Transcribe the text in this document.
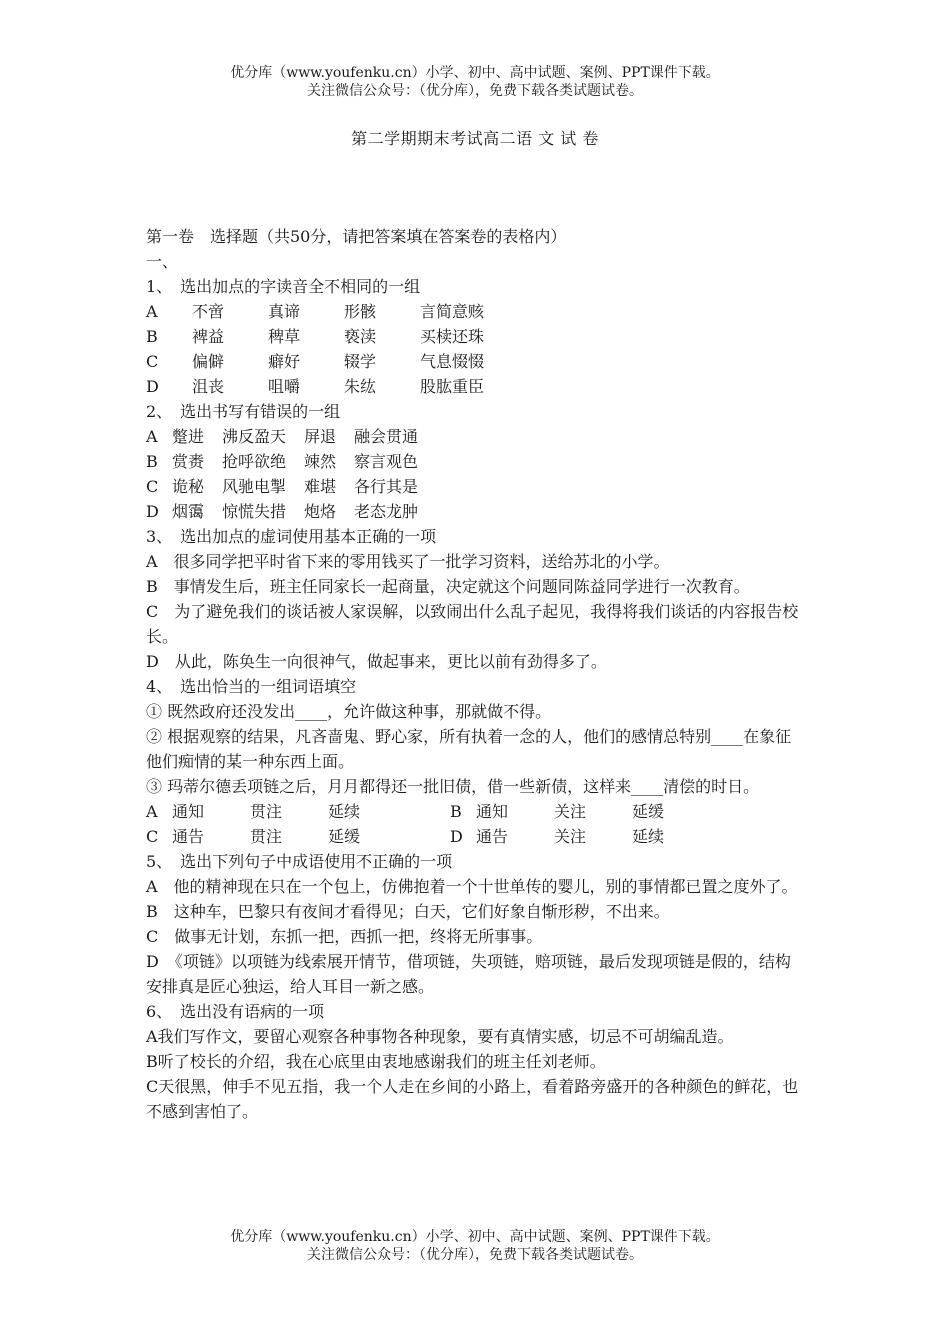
优分库（www.youfenku.cn）小学、初中、高中试题、案例、PPT课件下载。
关注微信公众号：（优分库），免费下载各类试题试卷。
第二学期期末考试高二语 文 试 卷
第一卷　选择题（共50分，请把答案填在答案卷的表格内）
一、
1、　选出加点的字读音全不相同的一组
A	不啻	真谛	形骸	言简意赅
B	裨益	稗草	亵渎	买椟还珠
C	偏僻	癖好	辍学	气息惙惙
D	沮丧	咀嚼	朱纮	股肱重臣
2、　选出书写有错误的一组
A 蹩进 沸反盈天 屏退 融会贯通
B 赏赉 抢呼欲绝 竦然 察言观色
C 诡秘 风驰电掣 难堪 各行其是
D 烟霭 惊慌失措 炮烙 老态龙肿
3、　选出加点的虚词使用基本正确的一项
A　很多同学把平时省下来的零用钱买了一批学习资料，送给苏北的小学。
B　事情发生后，班主任同家长一起商量，决定就这个问题同陈益同学进行一次教育。
C　为了避免我们的谈话被人家误解，以致闹出什么乱子起见，我得将我们谈话的内容报告校长。
D　从此，陈奂生一向很神气，做起事来，更比以前有劲得多了。
4、　选出恰当的一组词语填空
① 既然政府还没发出____，允许做这种事，那就做不得。
② 根据观察的结果，凡吝啬鬼、野心家，所有执着一念的人，他们的感情总特别____在象征他们痴情的某一种东西上面。
③ 玛蒂尔德丢项链之后，月月都得还一批旧债，借一些新债，这样来____清偿的时日。
A 通知	贯注	延续	B 通知	关注	延缓
C 通告	贯注	延缓	D 通告	关注	延续
5、　选出下列句子中成语使用不正确的一项
A　他的精神现在只在一个包上，仿佛抱着一个十世单传的婴儿，别的事情都已置之度外了。
B　这种车，巴黎只有夜间才看得见；白天，它们好象自惭形秽，不出来。
C　做事无计划，东抓一把，西抓一把，终将无所事事。
D　《项链》以项链为线索展开情节，借项链，失项链，赔项链，最后发现项链是假的，结构安排真是匠心独运，给人耳目一新之感。
6、　选出没有语病的一项
A我们写作文，要留心观察各种事物各种现象，要有真情实感，切忌不可胡编乱造。
B听了校长的介绍，我在心底里由衷地感谢我们的班主任刘老师。
C天很黑，伸手不见五指，我一个人走在乡间的小路上，看着路旁盛开的各种颜色的鲜花，也不感到害怕了。
优分库（www.youfenku.cn）小学、初中、高中试题、案例、PPT课件下载。
关注微信公众号：（优分库），免费下载各类试题试卷。
